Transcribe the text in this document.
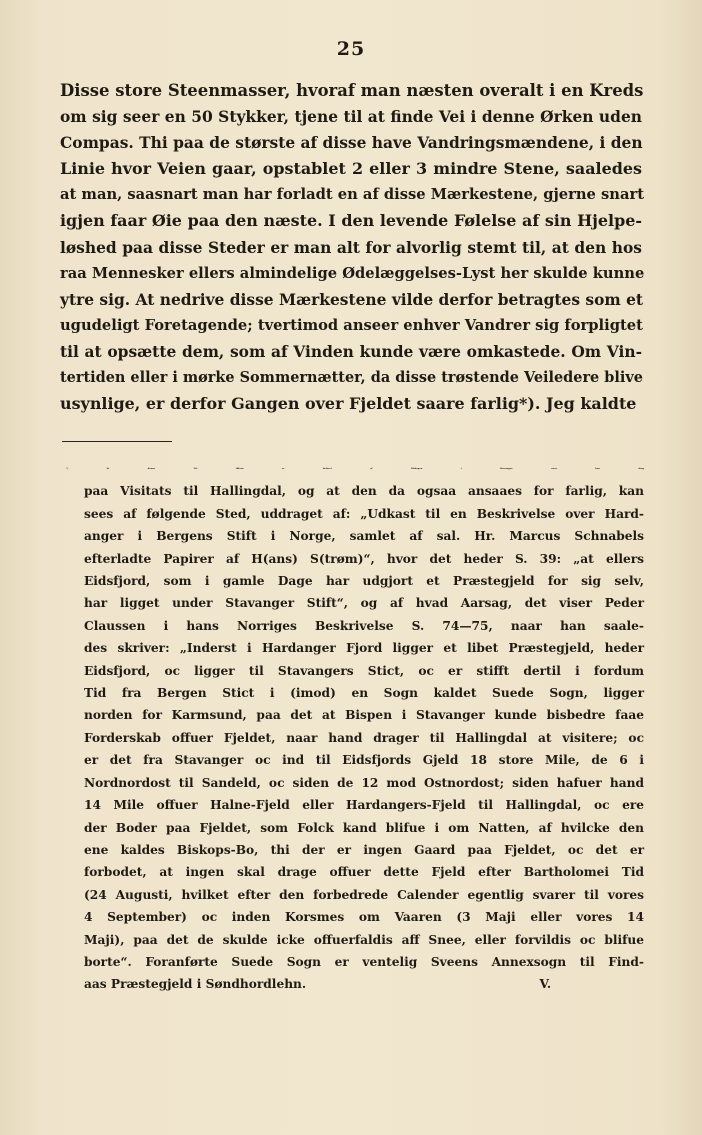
25
Disse store Steenmasser, hvoraf man næsten overalt i en Kreds
om sig seer en 50 Stykker, tjene til at finde Vei i denne Ørken uden
Compas. Thi paa de største af disse have Vandringsmændene, i den
Linie hvor Veien gaar, opstablet 2 eller 3 mindre Stene, saaledes
at man, saasnart man har forladt en af disse Mærkestene, gjerne snart
igjen faar Øie paa den næste. I den levende Følelse af sin Hjelpe-
løshed paa disse Steder er man alt for alvorlig stemt til, at den hos
raa Mennesker ellers almindelige Ødelæggelses-Lyst her skulde kunne
ytre sig. At nedrive disse Mærkestene vilde derfor betragtes som et
ugudeligt Foretagende; tvertimod anseer enhver Vandrer sig forpligtet
til at opsætte dem, som af Vinden kunde være omkastede. Om Vin-
tertiden eller i mørke Sommernætter, da disse trøstende Veiledere blive
usynlige, er derfor Gangen over Fjeldet saare farlig*). Jeg kaldte
*) At denne Vei tilforn er befaret af Biskopen i Stavanger, naar han drog
paa Visitats til Hallingdal, og at den da ogsaa ansaaes for farlig, kan
sees af følgende Sted, uddraget af: „Udkast til en Beskrivelse over Hard-
anger i Bergens Stift i Norge, samlet af sal. Hr. Marcus Schnabels
efterladte Papirer af H(ans) S(trøm)“, hvor det heder S. 39: „at ellers
Eidsfjord, som i gamle Dage har udgjort et Præstegjeld for sig selv,
har ligget under Stavanger Stift“, og af hvad Aarsag, det viser Peder
Claussen i hans Norriges Beskrivelse S. 74—75, naar han saale-
des skriver: „Inderst i Hardanger Fjord ligger et libet Præstegjeld, heder
Eidsfjord, oc ligger til Stavangers Stict, oc er stifft dertil i fordum
Tid fra Bergen Stict i (imod) en Sogn kaldet Suede Sogn, ligger
norden for Karmsund, paa det at Bispen i Stavanger kunde bisbedre faae
Forderskab offuer Fjeldet, naar hand drager til Hallingdal at visitere; oc
er det fra Stavanger oc ind til Eidsfjords Gjeld 18 store Mile, de 6 i
Nordnordost til Sandeld, oc siden de 12 mod Ostnordost; siden hafuer hand
14 Mile offuer Halne-Fjeld eller Hardangers-Fjeld til Hallingdal, oc ere
der Boder paa Fjeldet, som Folck kand blifue i om Natten, af hvilcke den
ene kaldes Biskops-Bo, thi der er ingen Gaard paa Fjeldet, oc det er
forbodet, at ingen skal drage offuer dette Fjeld efter Bartholomei Tid
(24 Augusti, hvilket efter den forbedrede Calender egentlig svarer til vores
4 September) oc inden Korsmes om Vaaren (3 Maji eller vores 14
Maji), paa det de skulde icke offuerfaldis aff Snee, eller forvildis oc blifue
borte“. Foranførte Suede Sogn er ventelig Sveens Annexsogn til Find-
aas Præstegjeld i Søndhordlehn.                                                       V.
